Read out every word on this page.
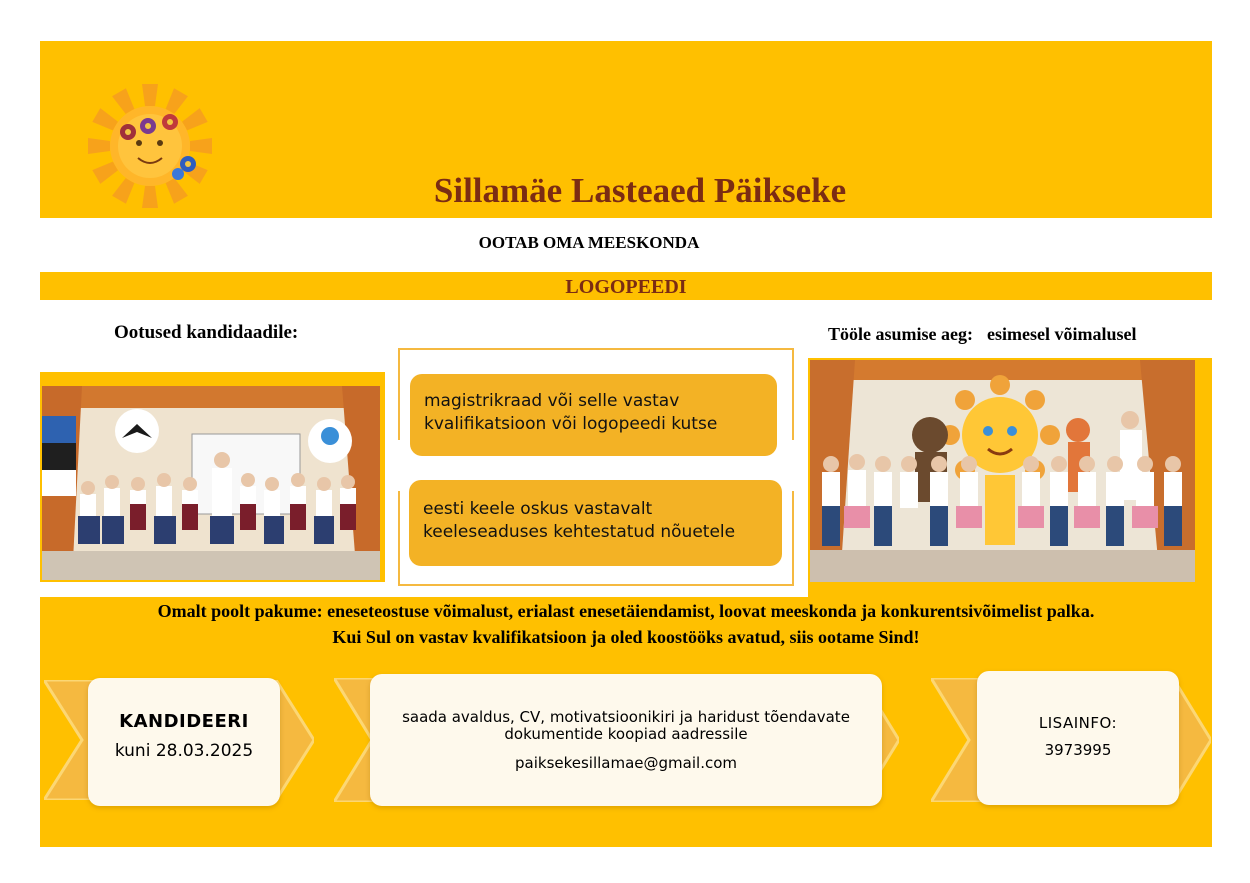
Sillamäe Lasteaed Päikseke
OOTAB OMA MEESKONDA
LOGOPEEDI
Ootused kandidaadile:	Tööle asumise aeg: esimesel võimalusel
magistrikraad või selle vastav kvalifikatsioon või logopeedi kutse
eesti keele oskus vastavalt keeleseaduses kehtestatud nõuetele
Omalt poolt pakume: eneseteostuse võimalust, erialast enesetäiendamist, loovat meeskonda ja konkurentsivõimelist palka.
Kui Sul on vastav kvalifikatsioon ja oled koostööks avatud, siis ootame Sind!
KANDIDEERI
kuni 28.03.2025
saada avaldus, CV, motivatsioonikiri ja haridust tõendavate dokumentide koopiad aadressile
paiksekesillamae@gmail.com
LISAINFO:
3973995
